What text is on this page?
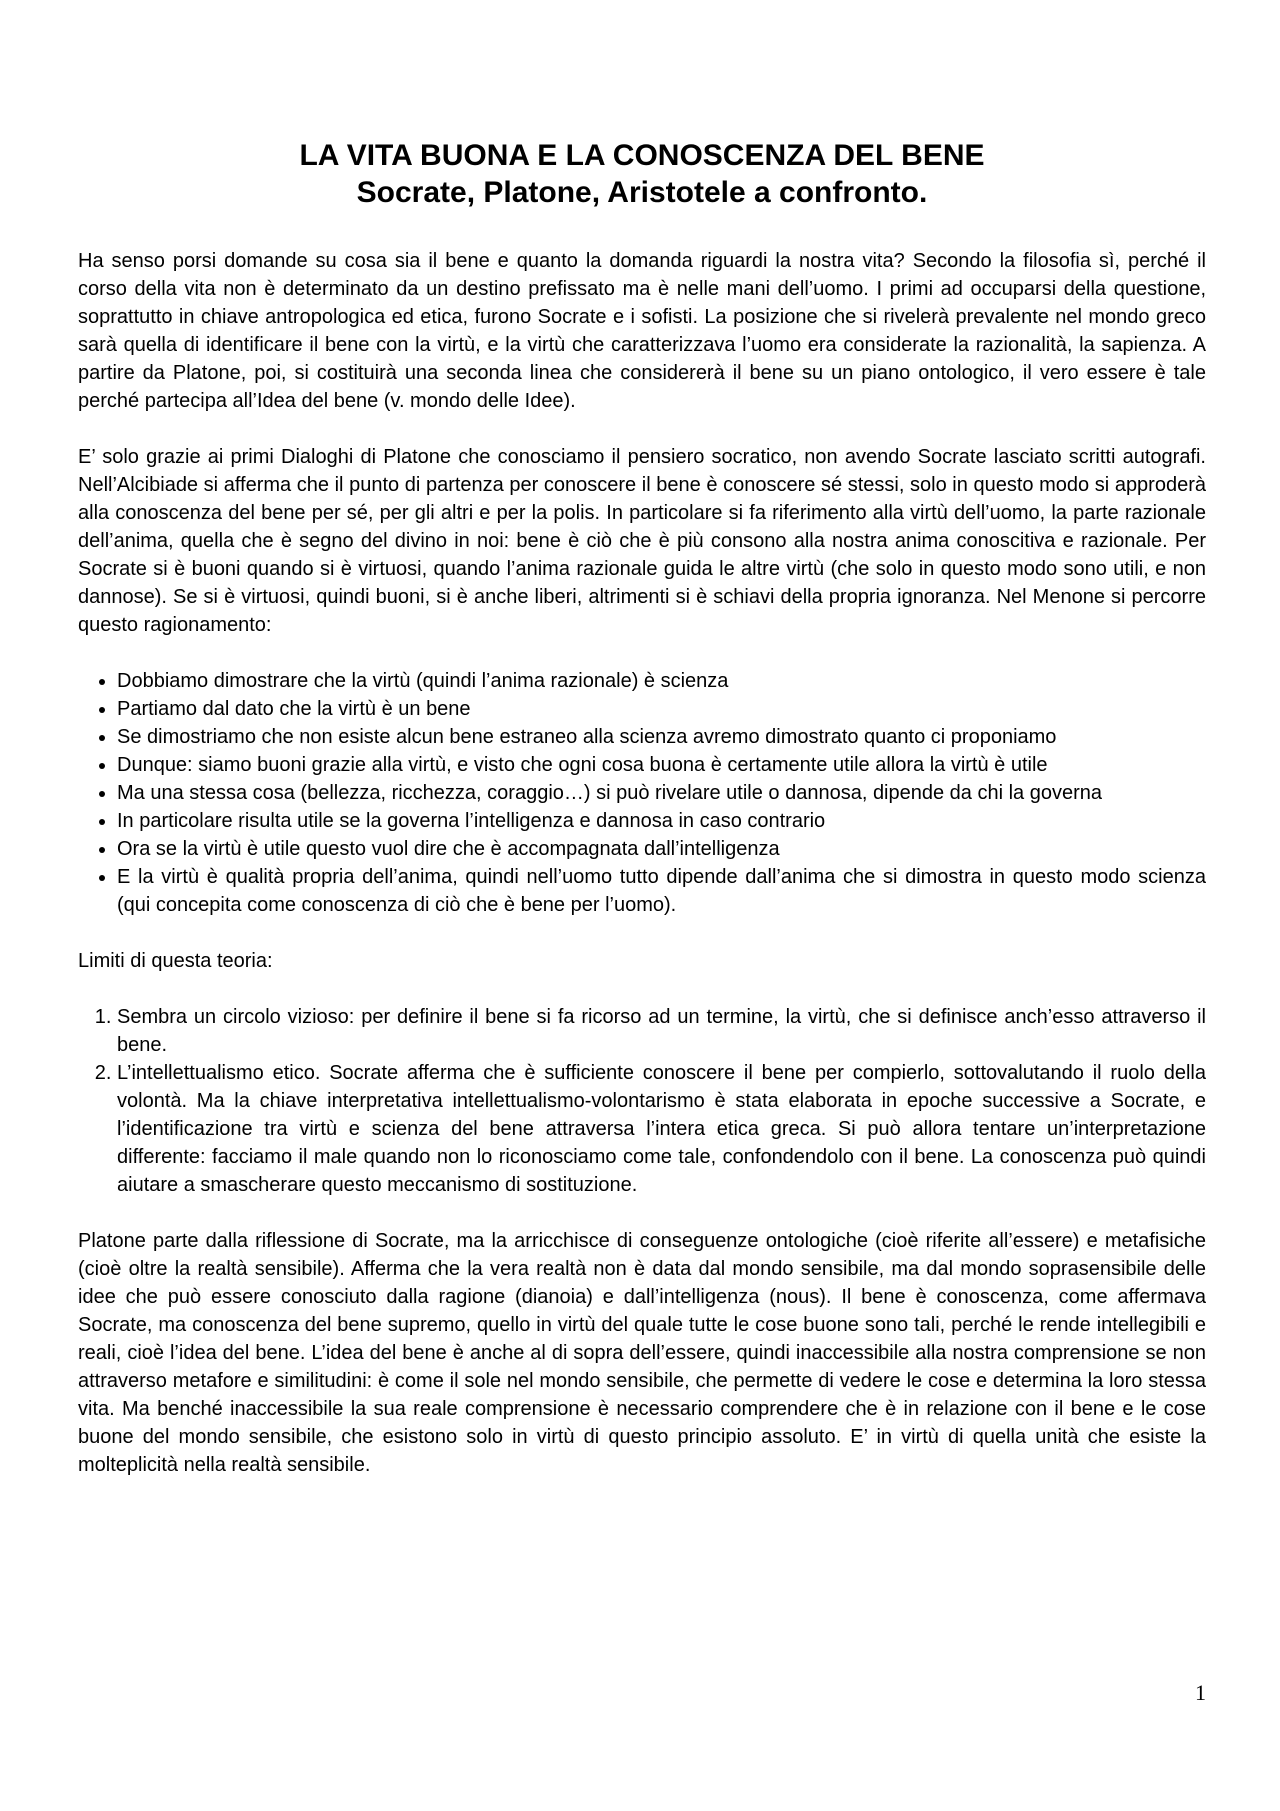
LA VITA BUONA E LA CONOSCENZA DEL BENE
Socrate, Platone, Aristotele a confronto.

Ha senso porsi domande su cosa sia il bene e quanto la domanda riguardi la nostra vita? Secondo la filosofia sì, perché il corso della vita non è determinato da un destino prefissato ma è nelle mani dell’uomo. I primi ad occuparsi della questione, soprattutto in chiave antropologica ed etica, furono Socrate e i sofisti. La posizione che si rivelerà prevalente nel mondo greco sarà quella di identificare il bene con la virtù, e la virtù che caratterizzava l’uomo era considerate la razionalità, la sapienza. A partire da Platone, poi, si costituirà una seconda linea che considererà il bene su un piano ontologico, il vero essere è tale perché partecipa all’Idea del bene (v. mondo delle Idee).

E’ solo grazie ai primi Dialoghi di Platone che conosciamo il pensiero socratico, non avendo Socrate lasciato scritti autografi. Nell’Alcibiade si afferma che il punto di partenza per conoscere il bene è conoscere sé stessi, solo in questo modo si approderà alla conoscenza del bene per sé, per gli altri e per la polis. In particolare si fa riferimento alla virtù dell’uomo, la parte razionale dell’anima, quella che è segno del divino in noi: bene è ciò che è più consono alla nostra anima conoscitiva e razionale. Per Socrate si è buoni quando si è virtuosi, quando l’anima razionale guida le altre virtù (che solo in questo modo sono utili, e non dannose). Se si è virtuosi, quindi buoni, si è anche liberi, altrimenti si è schiavi della propria ignoranza. Nel Menone si percorre questo ragionamento:

• Dobbiamo dimostrare che la virtù (quindi l’anima razionale) è scienza
• Partiamo dal dato che la virtù è un bene
• Se dimostriamo che non esiste alcun bene estraneo alla scienza avremo dimostrato quanto ci proponiamo
• Dunque: siamo buoni grazie alla virtù, e visto che ogni cosa buona è certamente utile allora la virtù è utile
• Ma una stessa cosa (bellezza, ricchezza, coraggio…) si può rivelare utile o dannosa, dipende da chi la governa
• In particolare risulta utile se la governa l’intelligenza e dannosa in caso contrario
• Ora se la virtù è utile questo vuol dire che è accompagnata dall’intelligenza
• E la virtù è qualità propria dell’anima, quindi nell’uomo tutto dipende dall’anima che si dimostra in questo modo scienza (qui concepita come conoscenza di ciò che è bene per l’uomo).

Limiti di questa teoria:

1. Sembra un circolo vizioso: per definire il bene si fa ricorso ad un termine, la virtù, che si definisce anch’esso attraverso il bene.
2. L’intellettualismo etico. Socrate afferma che è sufficiente conoscere il bene per compierlo, sottovalutando il ruolo della volontà. Ma la chiave interpretativa intellettualismo-volontarismo è stata elaborata in epoche successive a Socrate, e l’identificazione tra virtù e scienza del bene attraversa l’intera etica greca. Si può allora tentare un’interpretazione differente: facciamo il male quando non lo riconosciamo come tale, confondendolo con il bene. La conoscenza può quindi aiutare a smascherare questo meccanismo di sostituzione.

Platone parte dalla riflessione di Socrate, ma la arricchisce di conseguenze ontologiche (cioè riferite all’essere) e metafisiche (cioè oltre la realtà sensibile). Afferma che la vera realtà non è data dal mondo sensibile, ma dal mondo soprasensibile delle idee che può essere conosciuto dalla ragione (dianoia) e dall’intelligenza (nous). Il bene è conoscenza, come affermava Socrate, ma conoscenza del bene supremo, quello in virtù del quale tutte le cose buone sono tali, perché le rende intellegibili e reali, cioè l’idea del bene. L’idea del bene è anche al di sopra dell’essere, quindi inaccessibile alla nostra comprensione se non attraverso metafore e similitudini: è come il sole nel mondo sensibile, che permette di vedere le cose e determina la loro stessa vita. Ma benché inaccessibile la sua reale comprensione è necessario comprendere che è in relazione con il bene e le cose buone del mondo sensibile, che esistono solo in virtù di questo principio assoluto. E’ in virtù di quella unità che esiste la molteplicità nella realtà sensibile.

1
